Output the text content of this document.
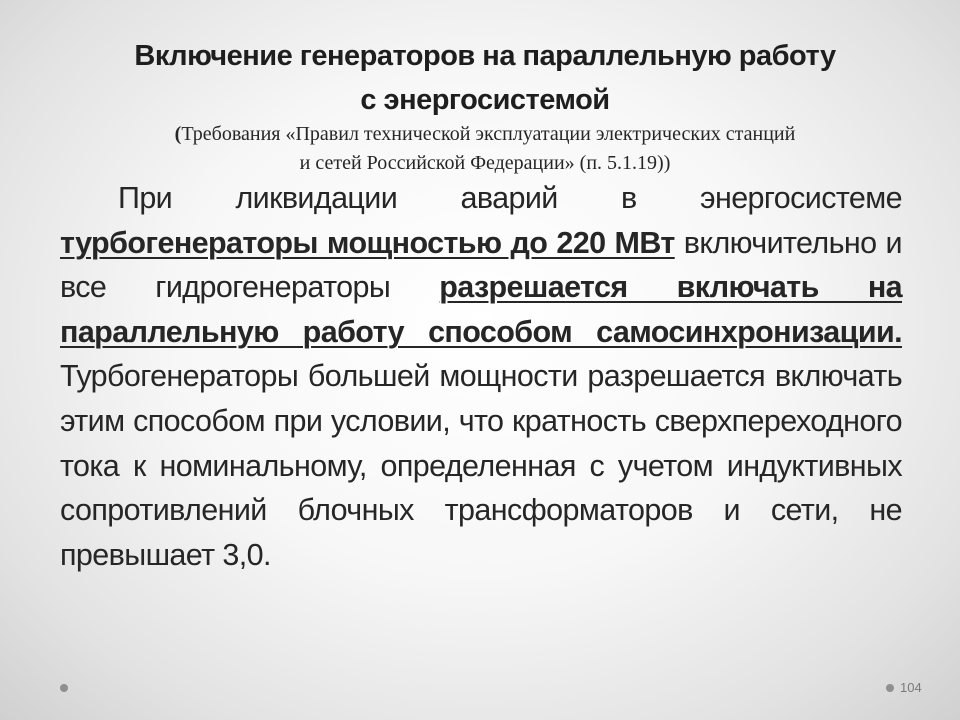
Включение генераторов на параллельную работу
с энергосистемой
(Требования «Правил технической эксплуатации электрических станций
и сетей Российской Федерации» (п. 5.1.19))
При ликвидации аварий в энергосистеме турбогенераторы мощностью до 220 МВт включительно и все гидрогенераторы разрешается включать на параллельную работу способом самосинхронизации. Турбогенераторы большей мощности разрешается включать этим способом при условии, что кратность сверхпереходного тока к номинальному, определенная с учетом индуктивных сопротивлений блочных трансформаторов и сети, не превышает 3,0.
104
